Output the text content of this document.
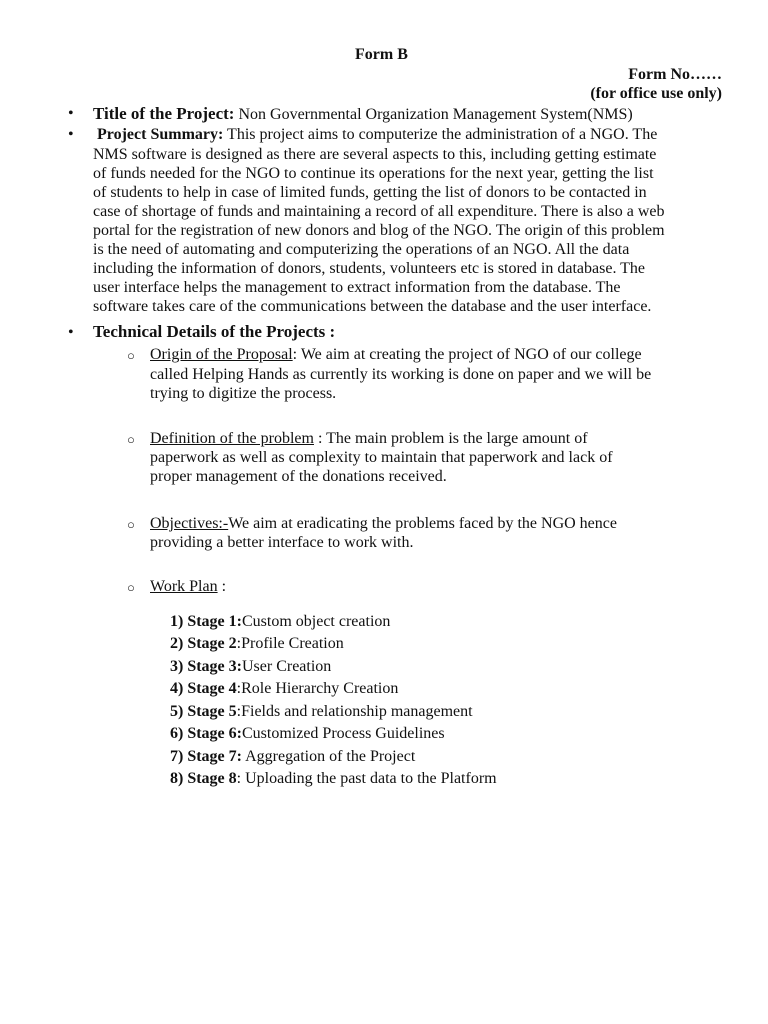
Form B
Form No……
(for office use only)
• Title of the Project: Non Governmental Organization Management System(NMS)
• Project Summary: This project aims to computerize the administration of a NGO. The
NMS software is designed as there are several aspects to this, including getting estimate
of funds needed for the NGO to continue its operations for the next year, getting the list
of students to help in case of limited funds, getting the list of donors to be contacted in
case of shortage of funds and maintaining a record of all expenditure. There is also a web
portal for the registration of new donors and blog of the NGO. The origin of this problem
is the need of automating and computerizing the operations of an NGO. All the data
including the information of donors, students, volunteers etc is stored in database. The
user interface helps the management to extract information from the database. The
software takes care of the communications between the database and the user interface.
• Technical Details of the Projects :
○ Origin of the Proposal: We aim at creating the project of NGO of our college
called Helping Hands as currently its working is done on paper and we will be
trying to digitize the process.
○ Definition of the problem : The main problem is the large amount of
paperwork as well as complexity to maintain that paperwork and lack of
proper management of the donations received.
○ Objectives:-We aim at eradicating the problems faced by the NGO hence
providing a better interface to work with.
○ Work Plan :
1) Stage 1:Custom object creation
2) Stage 2:Profile Creation
3) Stage 3:User Creation
4) Stage 4:Role Hierarchy Creation
5) Stage 5:Fields and relationship management
6) Stage 6:Customized Process Guidelines
7) Stage 7: Aggregation of the Project
8) Stage 8: Uploading the past data to the Platform
